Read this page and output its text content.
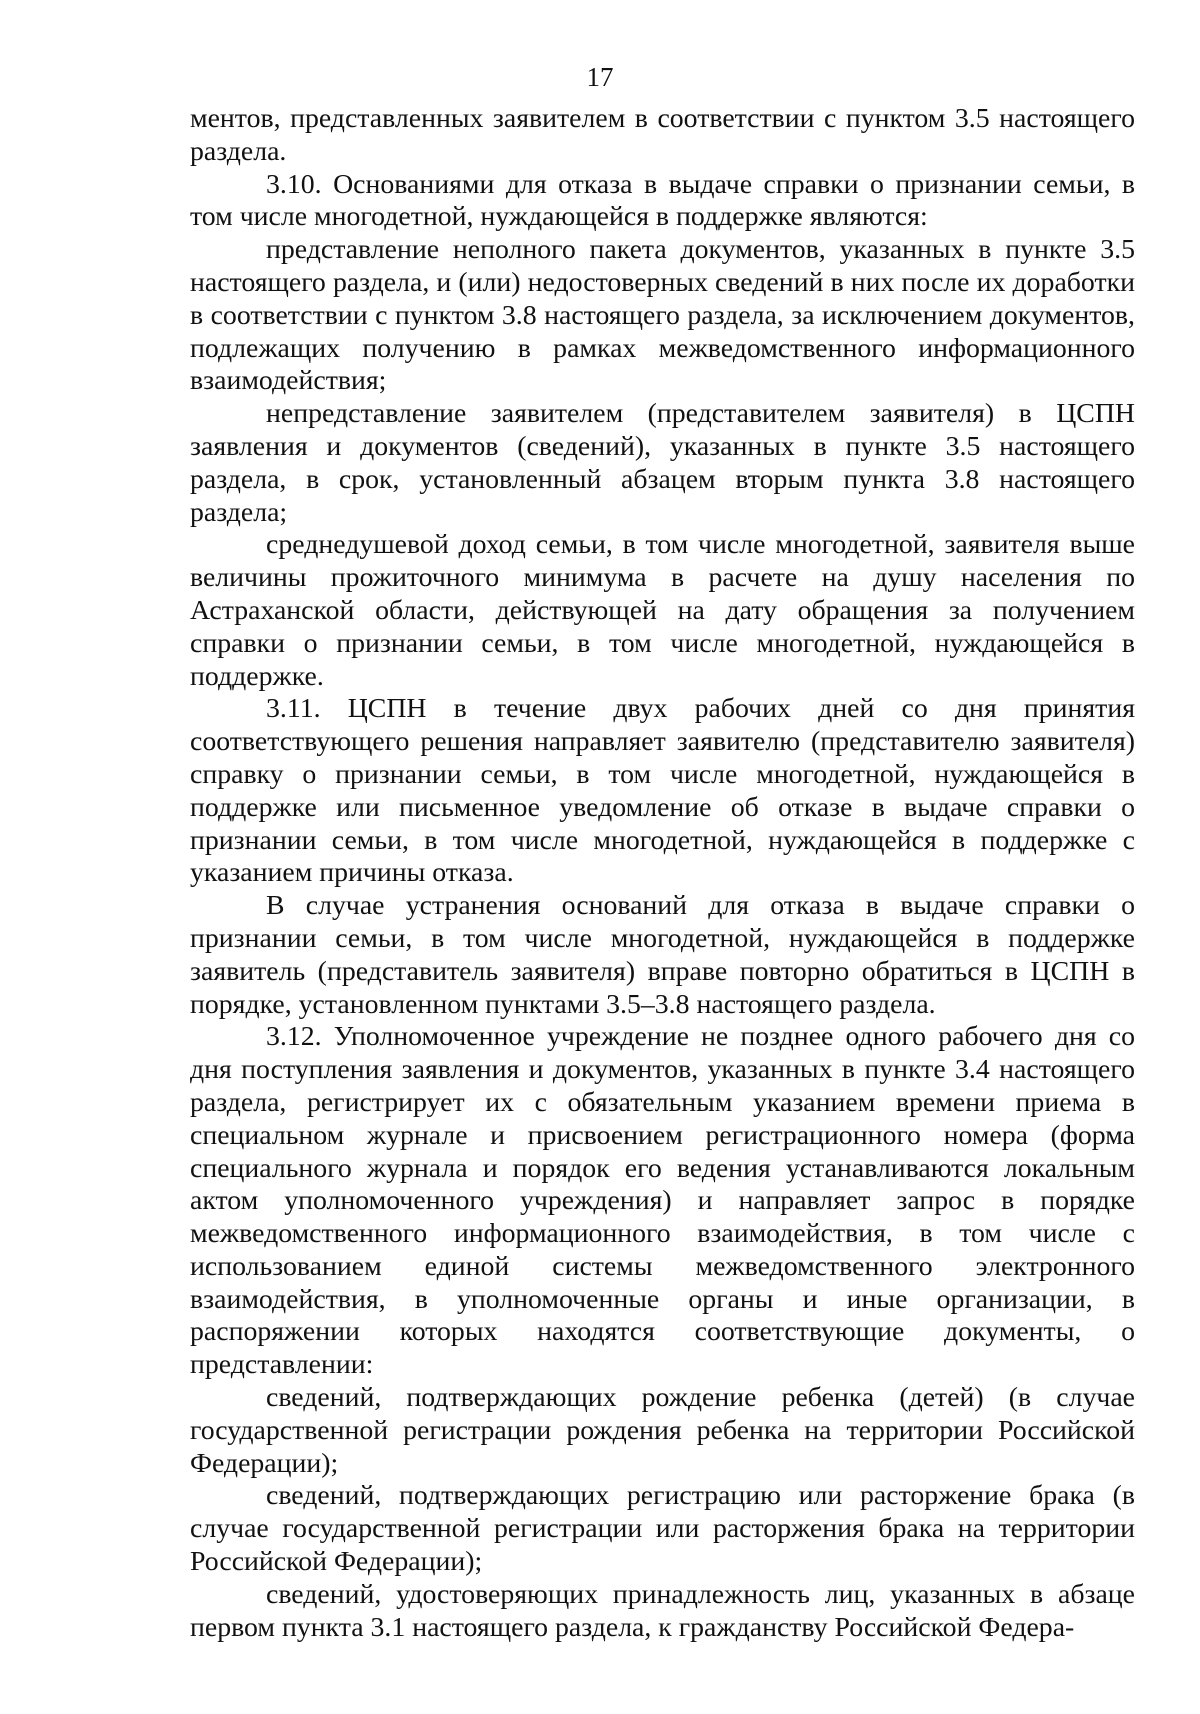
17

ментов, представленных заявителем в соответствии с пунктом 3.5 настоящего раздела.

3.10. Основаниями для отказа в выдаче справки о признании семьи, в том числе многодетной, нуждающейся в поддержке являются:

представление неполного пакета документов, указанных в пункте 3.5 настоящего раздела, и (или) недостоверных сведений в них после их доработки в соответствии с пунктом 3.8 настоящего раздела, за исключением документов, подлежащих получению в рамках межведомственного информационного взаимодействия;

непредставление заявителем (представителем заявителя) в ЦСПН заявления и документов (сведений), указанных в пункте 3.5 настоящего раздела, в срок, установленный абзацем вторым пункта 3.8 настоящего раздела;

среднедушевой доход семьи, в том числе многодетной, заявителя выше величины прожиточного минимума в расчете на душу населения по Астраханской области, действующей на дату обращения за получением справки о признании семьи, в том числе многодетной, нуждающейся в поддержке.

3.11. ЦСПН в течение двух рабочих дней со дня принятия соответствующего решения направляет заявителю (представителю заявителя) справку о признании семьи, в том числе многодетной, нуждающейся в поддержке или письменное уведомление об отказе в выдаче справки о признании семьи, в том числе многодетной, нуждающейся в поддержке с указанием причины отказа.

В случае устранения оснований для отказа в выдаче справки о признании семьи, в том числе многодетной, нуждающейся в поддержке заявитель (представитель заявителя) вправе повторно обратиться в ЦСПН в порядке, установленном пунктами 3.5–3.8 настоящего раздела.

3.12. Уполномоченное учреждение не позднее одного рабочего дня со дня поступления заявления и документов, указанных в пункте 3.4 настоящего раздела, регистрирует их с обязательным указанием времени приема в специальном журнале и присвоением регистрационного номера (форма специального журнала и порядок его ведения устанавливаются локальным актом уполномоченного учреждения) и направляет запрос в порядке межведомственного информационного взаимодействия, в том числе с использованием единой системы межведомственного электронного взаимодействия, в уполномоченные органы и иные организации, в распоряжении которых находятся соответствующие документы, о представлении:

сведений, подтверждающих рождение ребенка (детей) (в случае государственной регистрации рождения ребенка на территории Российской Федерации);

сведений, подтверждающих регистрацию или расторжение брака (в случае государственной регистрации или расторжения брака на территории Российской Федерации);

сведений, удостоверяющих принадлежность лиц, указанных в абзаце первом пункта 3.1 настоящего раздела, к гражданству Российской Федера-
